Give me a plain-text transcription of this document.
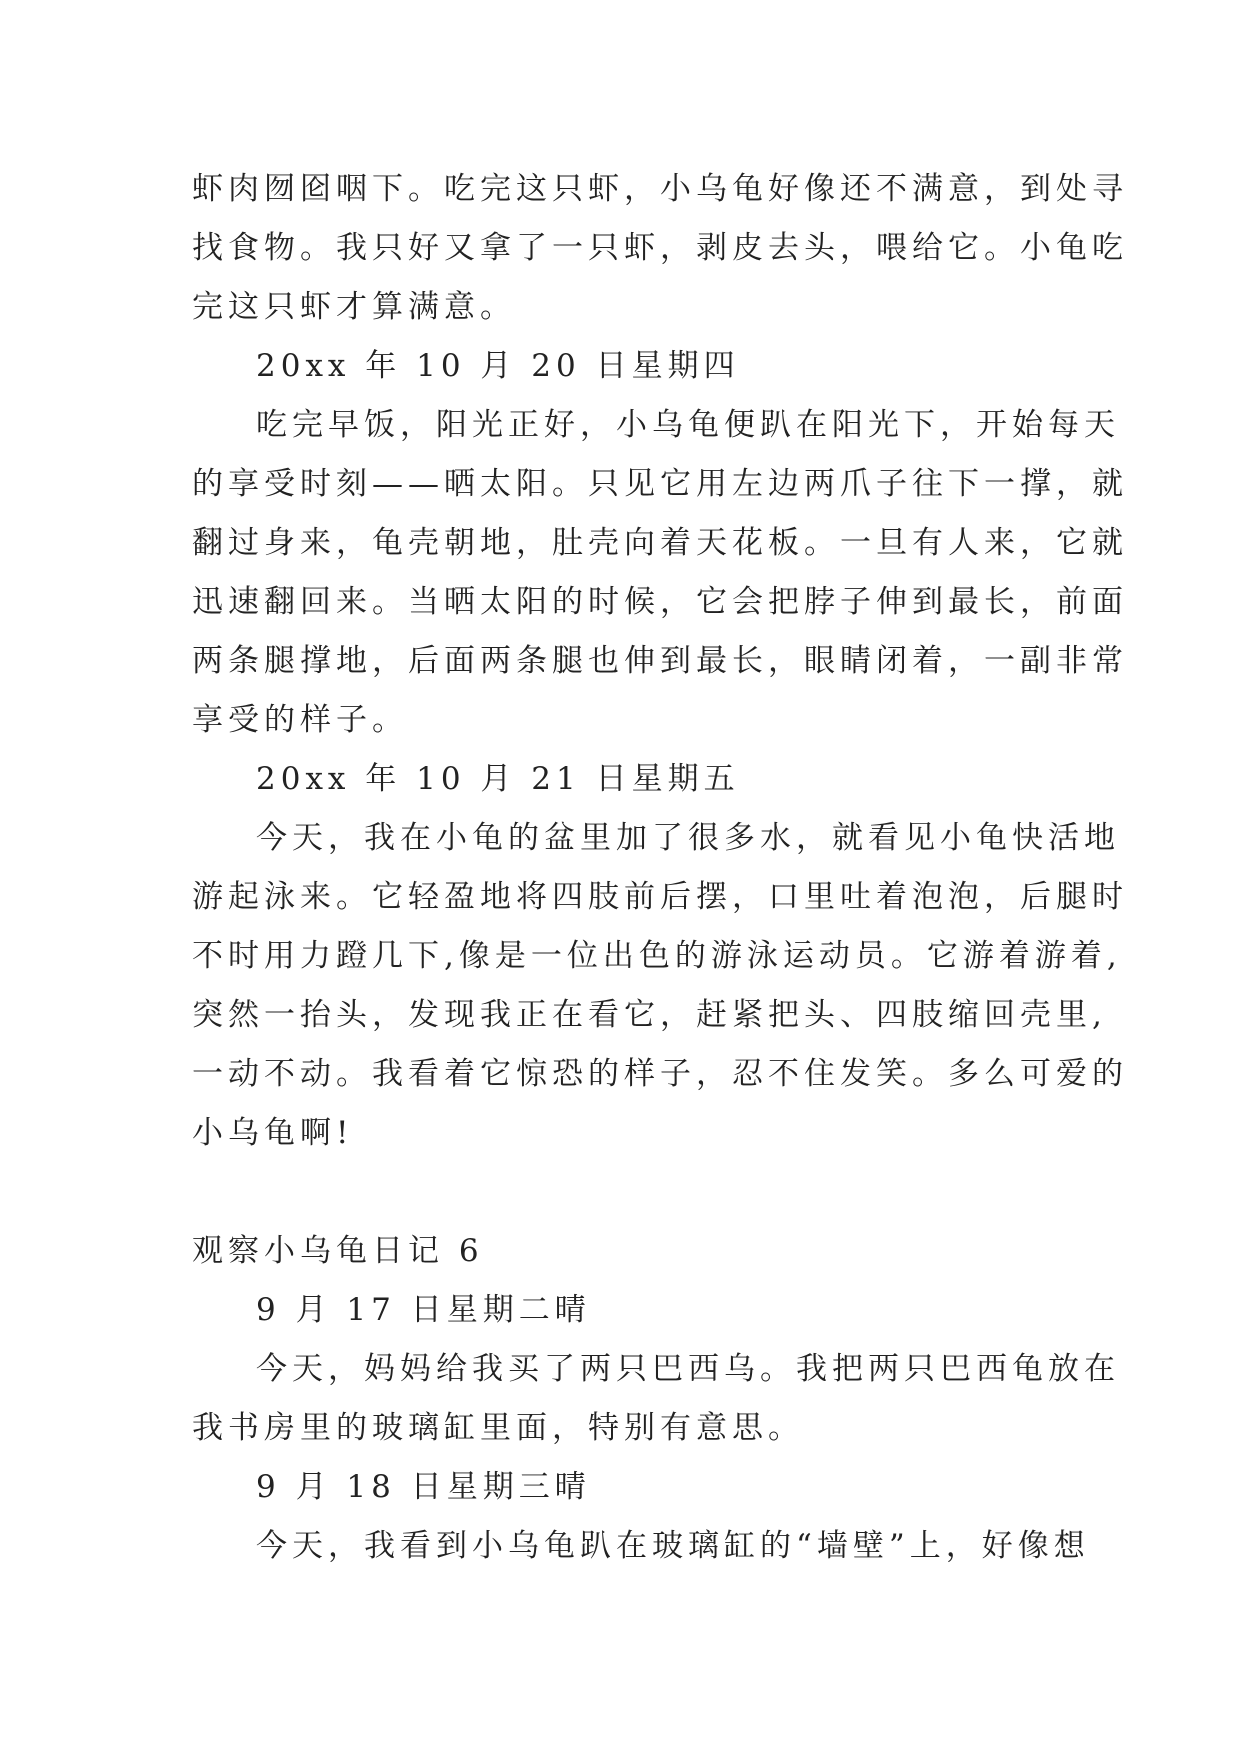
虾肉囫囵咽下。吃完这只虾，小乌龟好像还不满意，到处寻
找食物。我只好又拿了一只虾，剥皮去头，喂给它。小龟吃
完这只虾才算满意。
20xx 年 10 月 20 日星期四
吃完早饭，阳光正好，小乌龟便趴在阳光下，开始每天
的享受时刻——晒太阳。只见它用左边两爪子往下一撑，就
翻过身来，龟壳朝地，肚壳向着天花板。一旦有人来，它就
迅速翻回来。当晒太阳的时候，它会把脖子伸到最长，前面
两条腿撑地，后面两条腿也伸到最长，眼睛闭着，一副非常
享受的样子。
20xx 年 10 月 21 日星期五
今天，我在小龟的盆里加了很多水，就看见小龟快活地
游起泳来。它轻盈地将四肢前后摆，口里吐着泡泡，后腿时
不时用力蹬几下,像是一位出色的游泳运动员。它游着游着,
突然一抬头，发现我正在看它，赶紧把头、四肢缩回壳里,
一动不动。我看着它惊恐的样子，忍不住发笑。多么可爱的
小乌龟啊!
观察小乌龟日记 6
9 月 17 日星期二晴
今天，妈妈给我买了两只巴西乌。我把两只巴西龟放在
我书房里的玻璃缸里面，特别有意思。
9 月 18 日星期三晴
今天，我看到小乌龟趴在玻璃缸的“墙壁”上，好像想
